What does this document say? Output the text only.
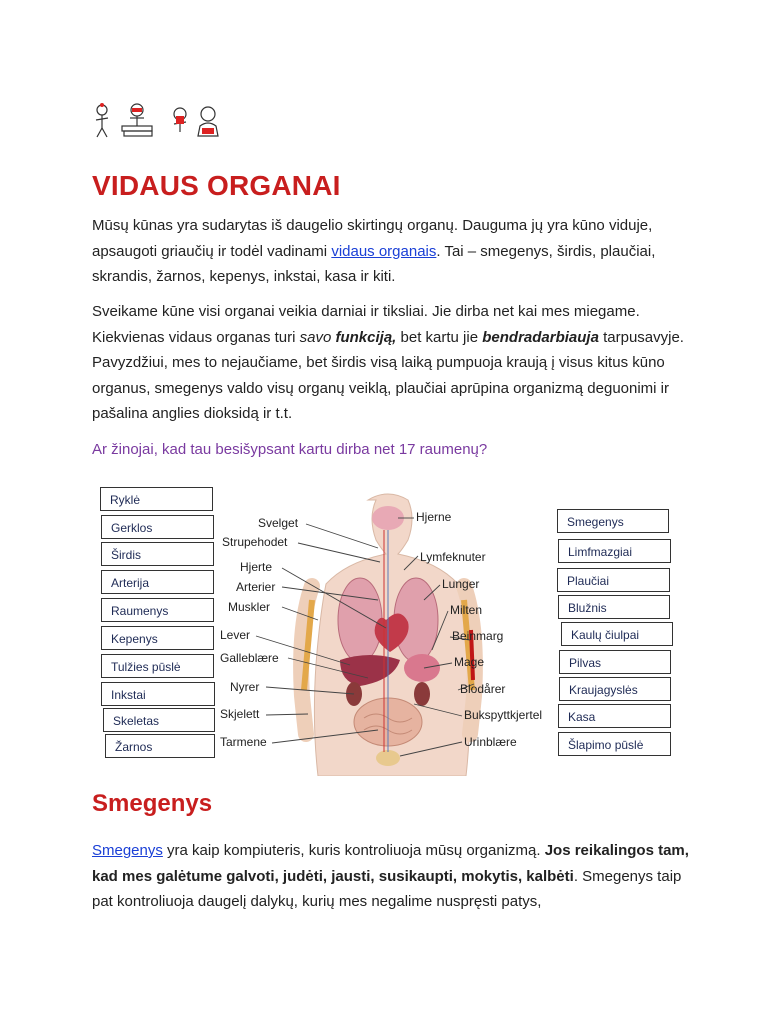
VIDAUS ORGANAI

Mūsų kūnas yra sudarytas iš daugelio skirtingų organų. Dauguma jų yra kūno viduje, apsaugoti griaučių ir todėl vadinami vidaus organais. Tai – smegenys, širdis, plaučiai, skrandis, žarnos, kepenys, inkstai, kasa ir kiti.

Sveikame kūne visi organai veikia darniai ir tiksliai. Jie dirba net kai mes miegame. Kiekvienas vidaus organas turi savo funkciją, bet kartu jie bendradarbiauja tarpusavyje. Pavyzdžiui, mes to nejaučiame, bet širdis visą laiką pumpuoja kraują į visus kitus kūno organus, smegenys valdo visų organų veiklą, plaučiai aprūpina organizmą deguonimi ir pašalina anglies dioksidą ir t.t.

Ar žinojai, kad tau besišypsant kartu dirba net 17 raumenų?
Svelget
Strupehodet
Hjerte
Arterier
Muskler
Lever
Galleblære
Nyrer
Skjelett
Tarmene
Hjerne
Lymfeknuter
Lunger
Milten
Beinmarg
Mage
Blodårer
Bukspyttkjertel
Urinblære
Ryklė
Gerklos
Širdis
Arterija
Raumenys
Kepenys
Tulžies pūslė
Inkstai
Skeletas
Žarnos
Smegenys
Limfmazgiai
Plaučiai
Blužnis
Kaulų čiulpai
Pilvas
Kraujagyslės
Kasa
Šlapimo pūslė
Smegenys

Smegenys yra kaip kompiuteris, kuris kontroliuoja mūsų organizmą. Jos reikalingos tam, kad mes galėtume galvoti, judėti, jausti, susikaupti, mokytis, kalbėti. Smegenys taip pat kontroliuoja daugelį dalykų, kurių mes negalime nuspręsti patys,
